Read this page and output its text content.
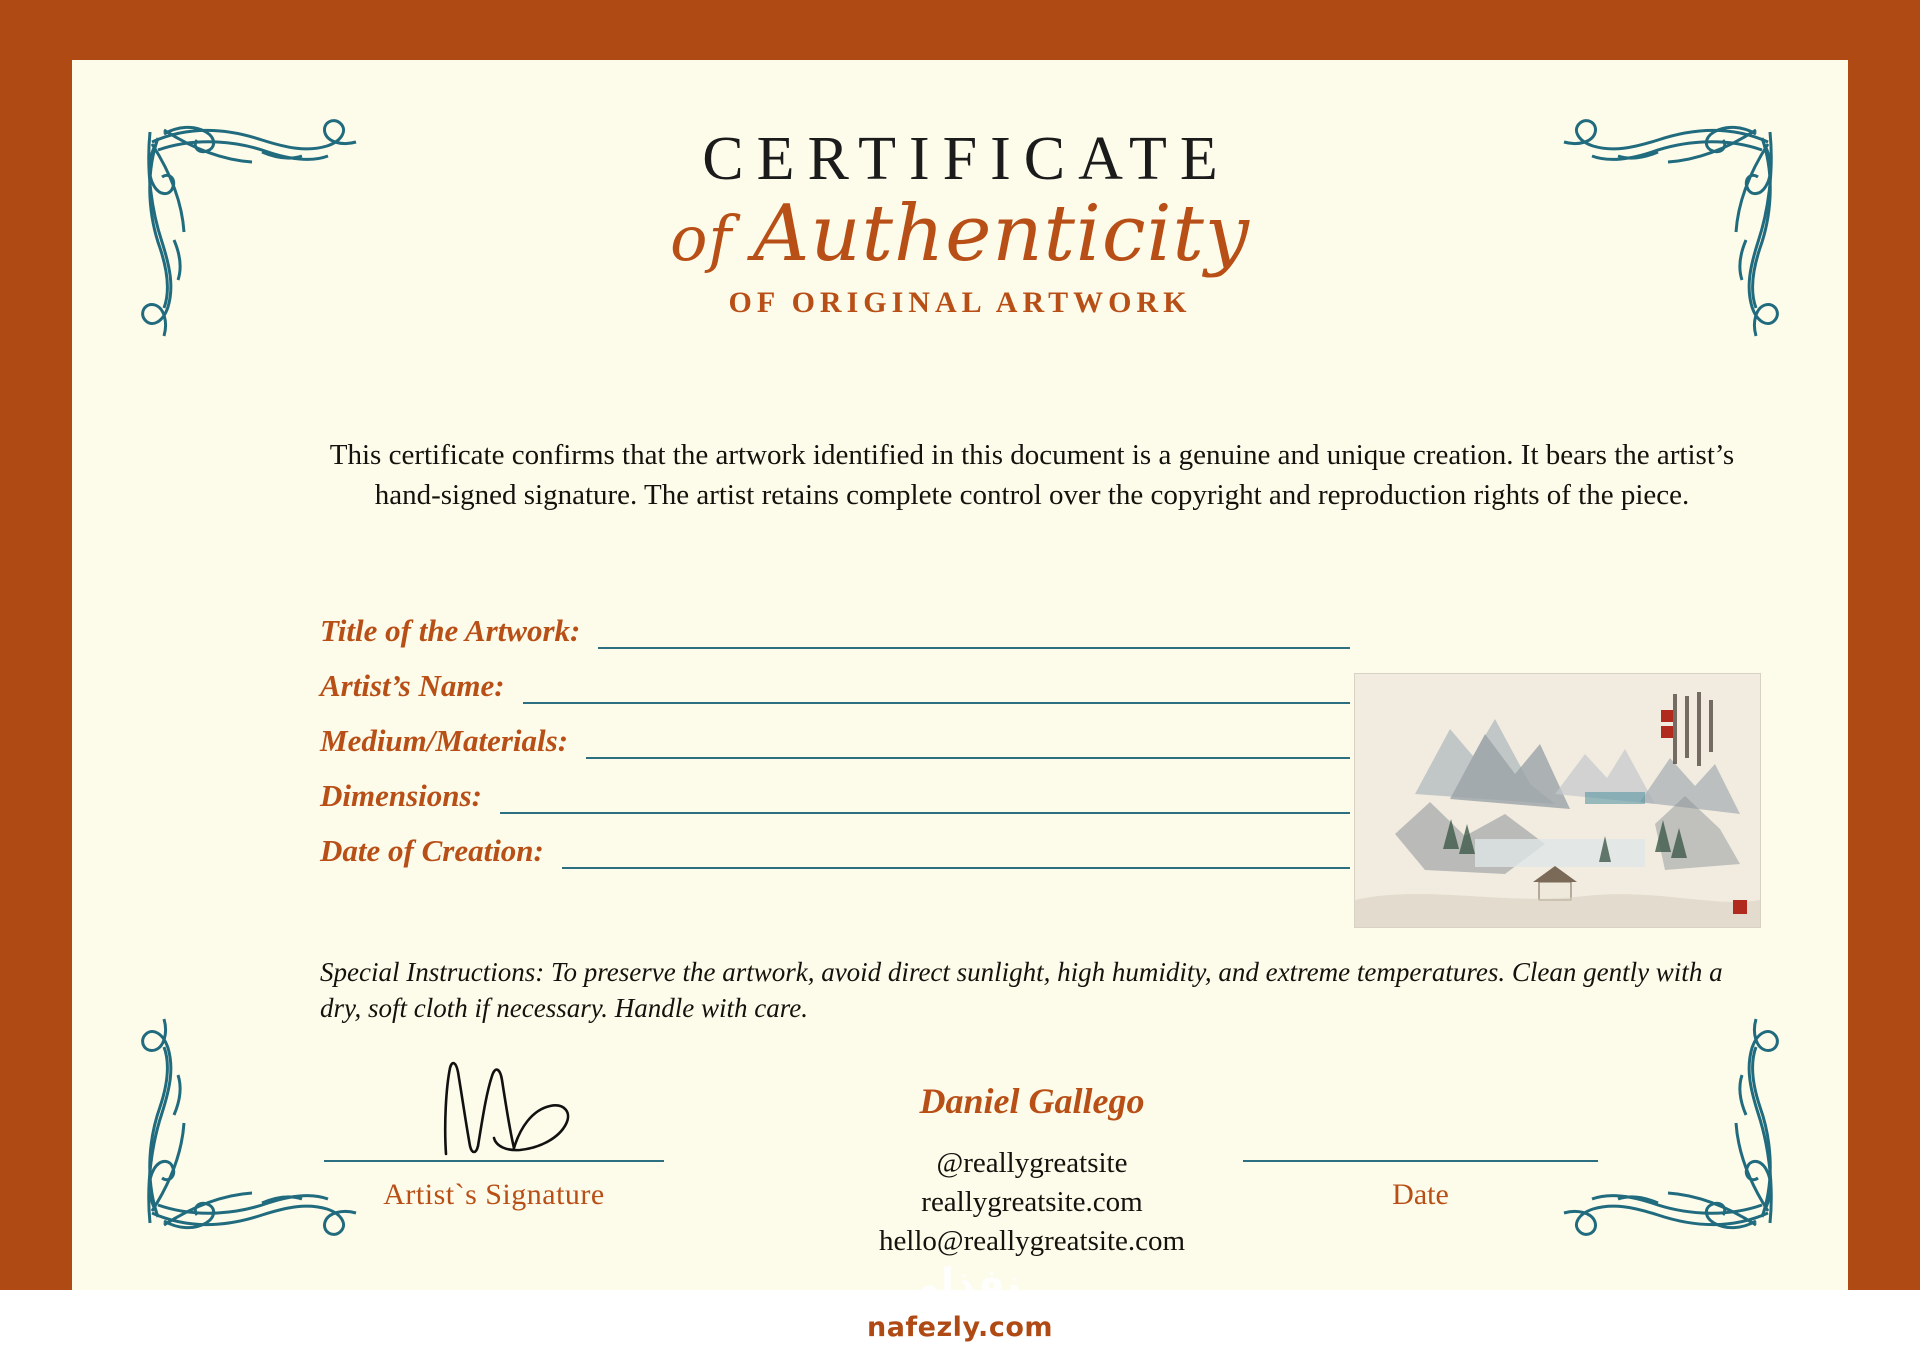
CERTIFICATE
of Authenticity
OF ORIGINAL ARTWORK
This certificate confirms that the artwork identified in this document is a genuine and unique creation. It bears the artist’s hand‑signed signature. The artist retains complete control over the copyright and reproduction rights of the piece.
Title of the Artwork:
Artist’s Name:
Medium/Materials:
Dimensions:
Date of Creation:
Special Instructions: To preserve the artwork, avoid direct sunlight, high humidity, and extreme temperatures. Clean gently with a dry, soft cloth if necessary. Handle with care.
Artist`s Signature
Daniel Gallego
@reallygreatsite
reallygreatsite.com
hello@reallygreatsite.com
Date
نفذلي
nafezly.com
